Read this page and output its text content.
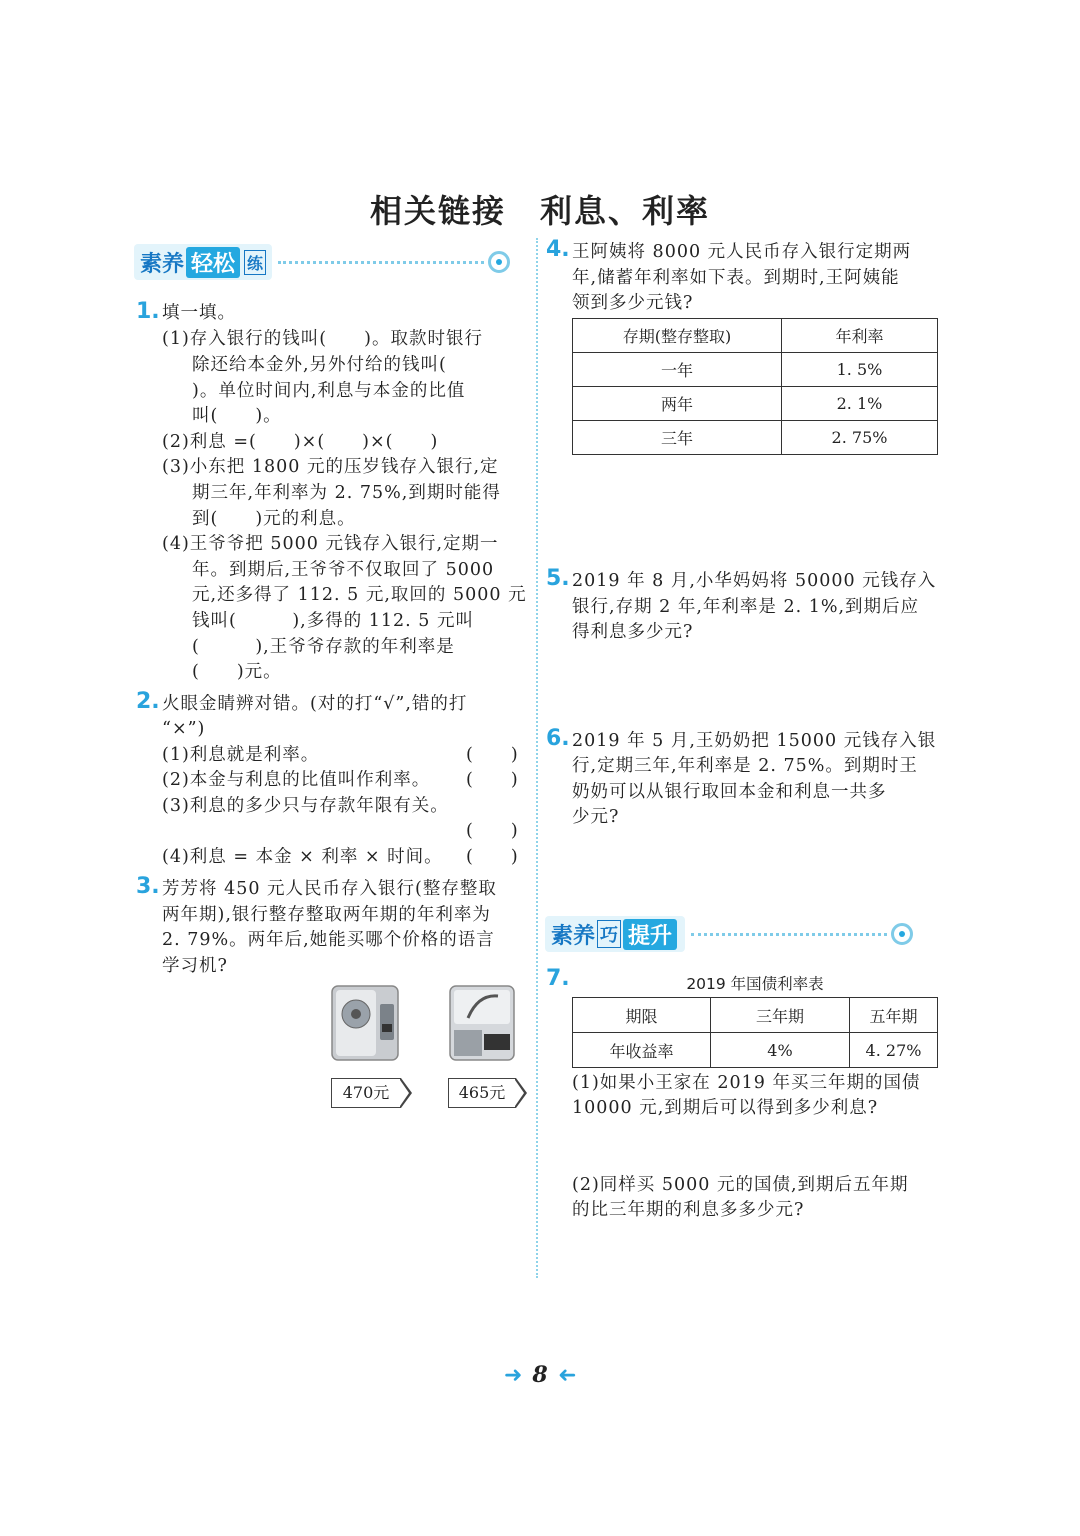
相关链接　利息、利率
素养 轻松 练
1. 填一填。
(1)存入银行的钱叫(　　)。取款时银行
除还给本金外,另外付给的钱叫(
)。单位时间内,利息与本金的比值
叫(　　)。
(2)利息 =(　　)×(　　)×(　　)
(3)小东把 1800 元的压岁钱存入银行,定
期三年,年利率为 2. 75%,到期时能得
到(　　)元的利息。
(4)王爷爷把 5000 元钱存入银行,定期一
年。到期后,王爷爷不仅取回了 5000
元,还多得了 112. 5 元,取回的 5000 元
钱叫(　　　),多得的 112. 5 元叫
(　　　),王爷爷存款的年利率是
(　　)元。
2. 火眼金睛辨对错。(对的打“√”,错的打
“×”)
(1)利息就是利率。	(　　)
(2)本金与利息的比值叫作利率。 (　　)
(3)利息的多少只与存款年限有关。
(　　)
(4)利息 = 本金 × 利率 × 时间。 (　　)
3. 芳芳将 450 元人民币存入银行(整存整取
两年期),银行整存整取两年期的年利率为
2. 79%。两年后,她能买哪个价格的语言
学习机?
470元	465元
4. 王阿姨将 8000 元人民币存入银行定期两
年,储蓄年利率如下表。到期时,王阿姨能
领到多少元钱?
存期(整存整取)	年利率
一年	1. 5%
两年	2. 1%
三年	2. 75%
5. 2019 年 8 月,小华妈妈将 50000 元钱存入
银行,存期 2 年,年利率是 2. 1%,到期后应
得利息多少元?
6. 2019 年 5 月,王奶奶把 15000 元钱存入银
行,定期三年,年利率是 2. 75%。到期时王
奶奶可以从银行取回本金和利息一共多
少元?
素养 巧 提升
7.	2019 年国债利率表
期限	三年期	五年期
年收益率	4%	4. 27%
(1)如果小王家在 2019 年买三年期的国债
10000 元,到期后可以得到多少利息?
(2)同样买 5000 元的国债,到期后五年期
的比三年期的利息多多少元?
➜ 8 ➜
